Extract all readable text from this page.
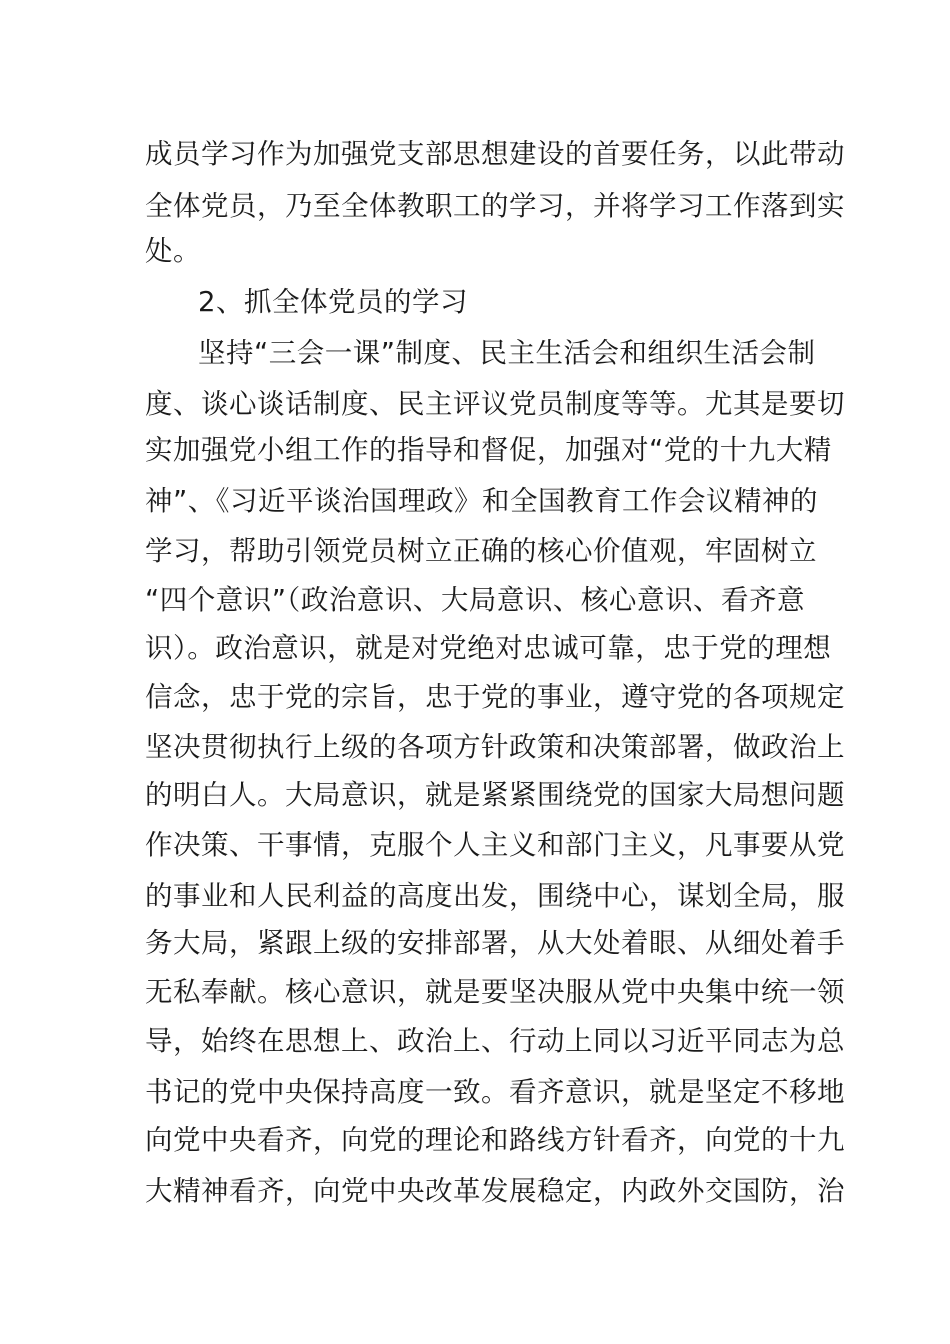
成员学习作为加强党支部思想建设的首要任务，以此带动
全体党员，乃至全体教职工的学习，并将学习工作落到实
处。
2、抓全体党员的学习
坚持“三会一课”制度、民主生活会和组织生活会制
度、谈心谈话制度、民主评议党员制度等等。尤其是要切
实加强党小组工作的指导和督促，加强对“党的十九大精
神”、《习近平谈治国理政》和全国教育工作会议精神的
学习，帮助引领党员树立正确的核心价值观，牢固树立
“四个意识”（政治意识、大局意识、核心意识、看齐意
识）。政治意识，就是对党绝对忠诚可靠，忠于党的理想
信念，忠于党的宗旨，忠于党的事业，遵守党的各项规定
坚决贯彻执行上级的各项方针政策和决策部署，做政治上
的明白人。大局意识，就是紧紧围绕党的国家大局想问题
作决策、干事情，克服个人主义和部门主义，凡事要从党
的事业和人民利益的高度出发，围绕中心，谋划全局，服
务大局，紧跟上级的安排部署，从大处着眼、从细处着手
无私奉献。核心意识，就是要坚决服从党中央集中统一领
导，始终在思想上、政治上、行动上同以习近平同志为总
书记的党中央保持高度一致。看齐意识，就是坚定不移地
向党中央看齐，向党的理论和路线方针看齐，向党的十九
大精神看齐，向党中央改革发展稳定，内政外交国防，治
